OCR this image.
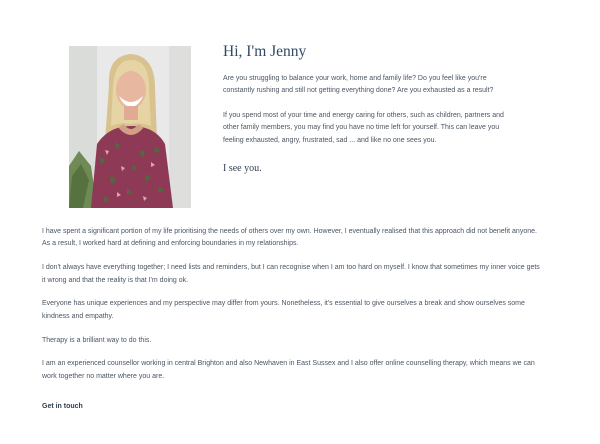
Hi, I'm Jenny

Are you struggling to balance your work, home and family life? Do you feel like you're constantly rushing and still not getting everything done? Are you exhausted as a result?

If you spend most of your time and energy caring for others, such as children, partners and other family members, you may find you have no time left for yourself. This can leave you feeling exhausted, angry, frustrated, sad ... and like no one sees you.

I see you.

I have spent a significant portion of my life prioritising the needs of others over my own. However, I eventually realised that this approach did not benefit anyone. As a result, I worked hard at defining and enforcing boundaries in my relationships.

I don't always have everything together; I need lists and reminders, but I can recognise when I am too hard on myself. I know that sometimes my inner voice gets it wrong and that the reality is that I'm doing ok.

Everyone has unique experiences and my perspective may differ from yours. Nonetheless, it's essential to give ourselves a break and show ourselves some kindness and empathy.

Therapy is a brilliant way to do this.

I am an experienced counsellor working in central Brighton and also Newhaven in East Sussex and I also offer online counselling therapy, which means we can work together no matter where you are.

Get in touch
